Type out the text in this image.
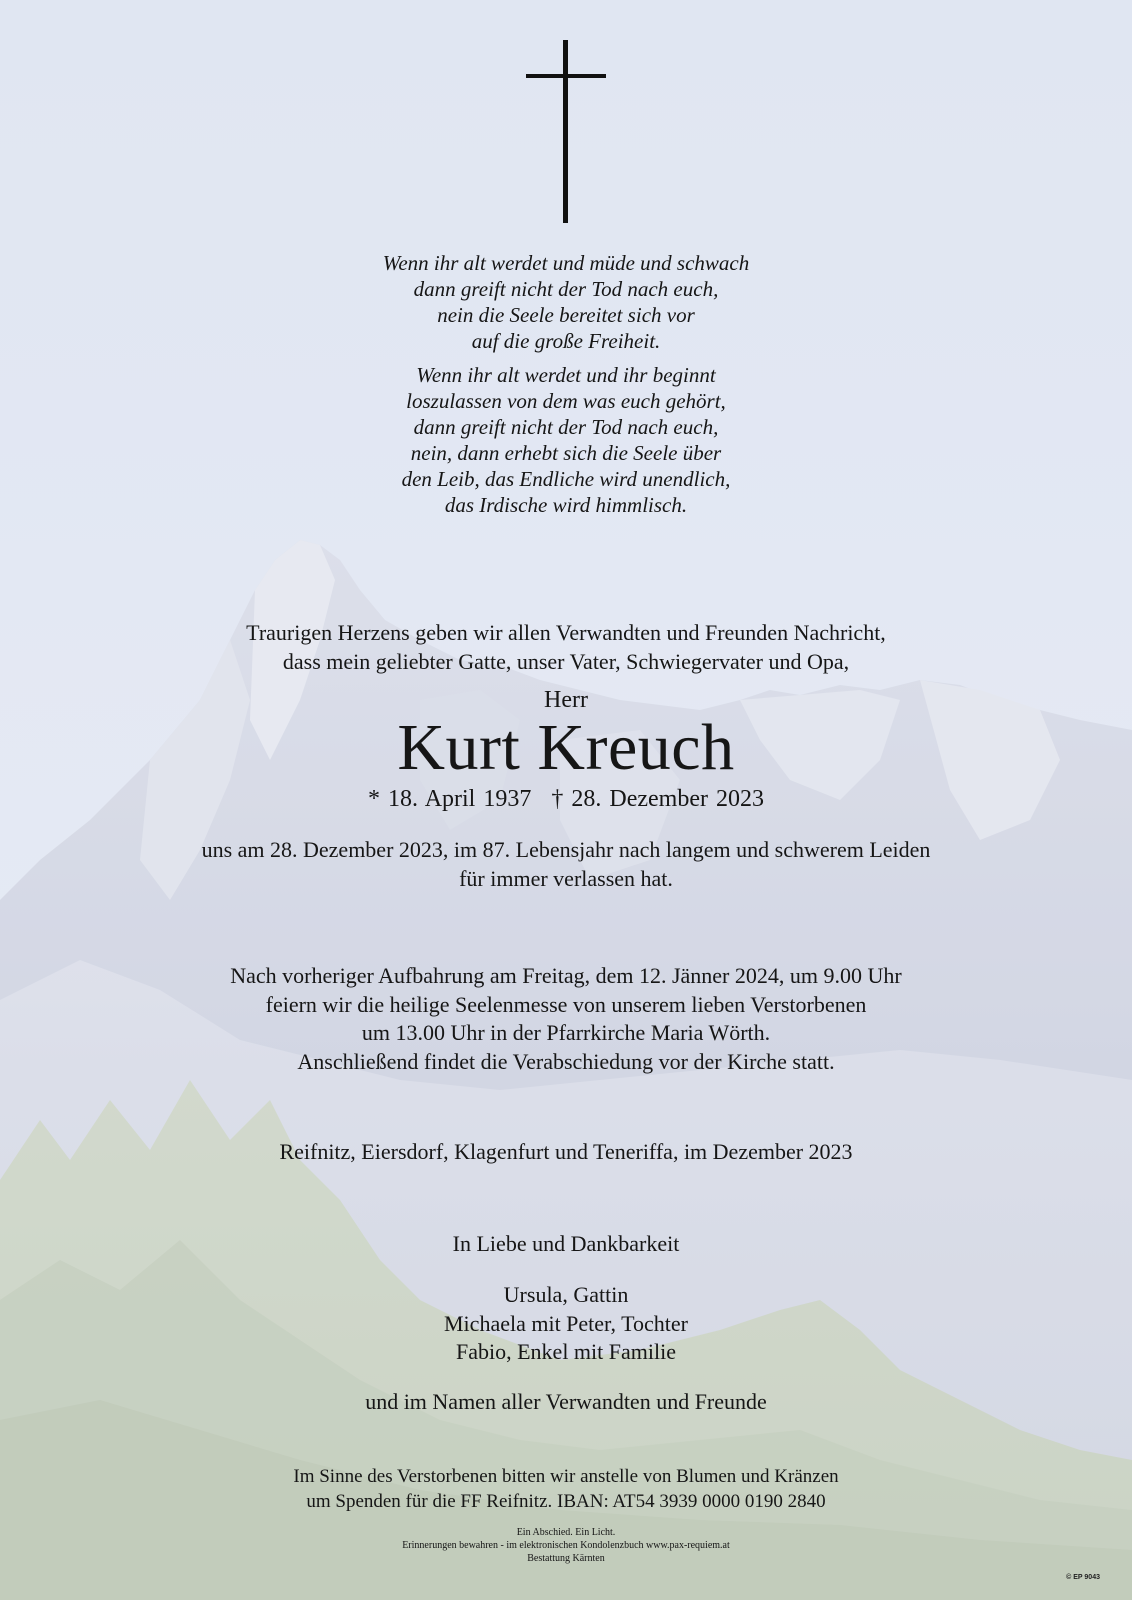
Wenn ihr alt werdet und müde und schwach
dann greift nicht der Tod nach euch,
nein die Seele bereitet sich vor
auf die große Freiheit.
Wenn ihr alt werdet und ihr beginnt
loszulassen von dem was euch gehört,
dann greift nicht der Tod nach euch,
nein, dann erhebt sich die Seele über
den Leib, das Endliche wird unendlich,
das Irdische wird himmlisch.
Traurigen Herzens geben wir allen Verwandten und Freunden Nachricht,
dass mein geliebter Gatte, unser Vater, Schwiegervater und Opa,
Herr
Kurt Kreuch
* 18. April 1937 † 28. Dezember 2023
uns am 28. Dezember 2023, im 87. Lebensjahr nach langem und schwerem Leiden
für immer verlassen hat.
Nach vorheriger Aufbahrung am Freitag, dem 12. Jänner 2024, um 9.00 Uhr
feiern wir die heilige Seelenmesse von unserem lieben Verstorbenen
um 13.00 Uhr in der Pfarrkirche Maria Wörth.
Anschließend findet die Verabschiedung vor der Kirche statt.
Reifnitz, Eiersdorf, Klagenfurt und Teneriffa, im Dezember 2023
In Liebe und Dankbarkeit
Ursula, Gattin
Michaela mit Peter, Tochter
Fabio, Enkel mit Familie
und im Namen aller Verwandten und Freunde
Im Sinne des Verstorbenen bitten wir anstelle von Blumen und Kränzen
um Spenden für die FF Reifnitz. IBAN: AT54 3939 0000 0190 2840
Ein Abschied. Ein Licht.
Erinnerungen bewahren - im elektronischen Kondolenzbuch www.pax-requiem.at
Bestattung Kärnten
© EP 9043
